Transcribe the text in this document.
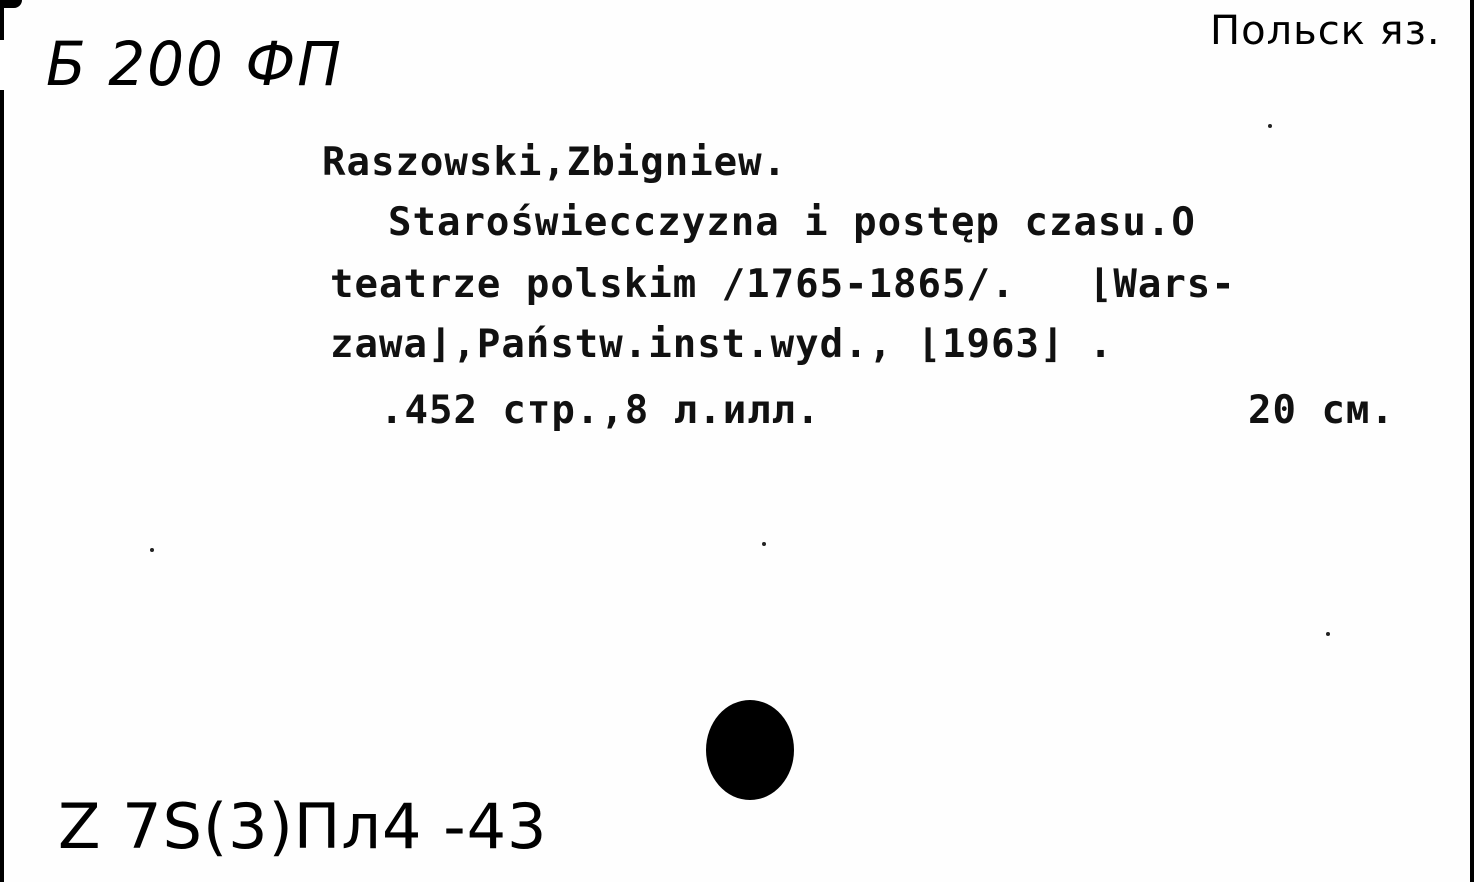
Б 200 ФП	Польск яз.
Raszowski,Zbigniew.
Staroświecczyzna i postęp czasu.O
teatrze polskim /1765-1865/.   ⌊Wars-
zawa⌋,Państw.inst.wyd., ⌊1963⌋ .
.452 стр.,8 л.илл.	20 см.
Z 7Ѕ(3)Пл4 -43
